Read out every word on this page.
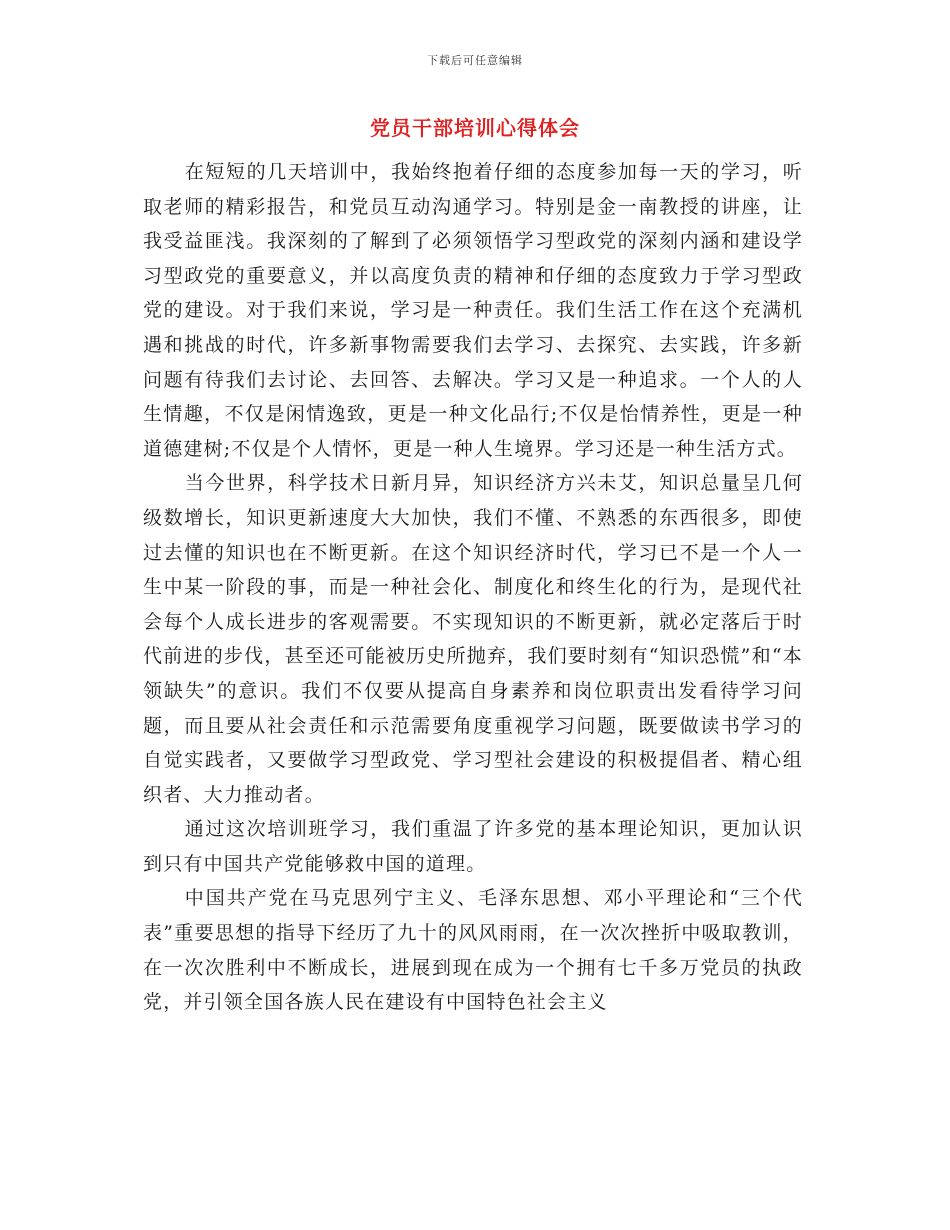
下载后可任意编辑
党员干部培训心得体会

在短短的几天培训中，我始终抱着仔细的态度参加每一天的学习，听取老师的精彩报告，和党员互动沟通学习。特别是金一南教授的讲座，让我受益匪浅。我深刻的了解到了必须领悟学习型政党的深刻内涵和建设学习型政党的重要意义，并以高度负责的精神和仔细的态度致力于学习型政党的建设。对于我们来说，学习是一种责任。我们生活工作在这个充满机遇和挑战的时代，许多新事物需要我们去学习、去探究、去实践，许多新问题有待我们去讨论、去回答、去解决。学习又是一种追求。一个人的人生情趣，不仅是闲情逸致，更是一种文化品行;不仅是怡情养性，更是一种道德建树;不仅是个人情怀，更是一种人生境界。学习还是一种生活方式。

当今世界，科学技术日新月异，知识经济方兴未艾，知识总量呈几何级数增长，知识更新速度大大加快，我们不懂、不熟悉的东西很多，即使过去懂的知识也在不断更新。在这个知识经济时代，学习已不是一个人一生中某一阶段的事，而是一种社会化、制度化和终生化的行为，是现代社会每个人成长进步的客观需要。不实现知识的不断更新，就必定落后于时代前进的步伐，甚至还可能被历史所抛弃，我们要时刻有“知识恐慌”和“本领缺失”的意识。我们不仅要从提高自身素养和岗位职责出发看待学习问题，而且要从社会责任和示范需要角度重视学习问题，既要做读书学习的自觉实践者，又要做学习型政党、学习型社会建设的积极提倡者、精心组织者、大力推动者。

通过这次培训班学习，我们重温了许多党的基本理论知识，更加认识到只有中国共产党能够救中国的道理。

中国共产党在马克思列宁主义、毛泽东思想、邓小平理论和“三个代表”重要思想的指导下经历了九十的风风雨雨，在一次次挫折中吸取教训，在一次次胜利中不断成长，进展到现在成为一个拥有七千多万党员的执政党，并引领全国各族人民在建设有中国特色社会主义
